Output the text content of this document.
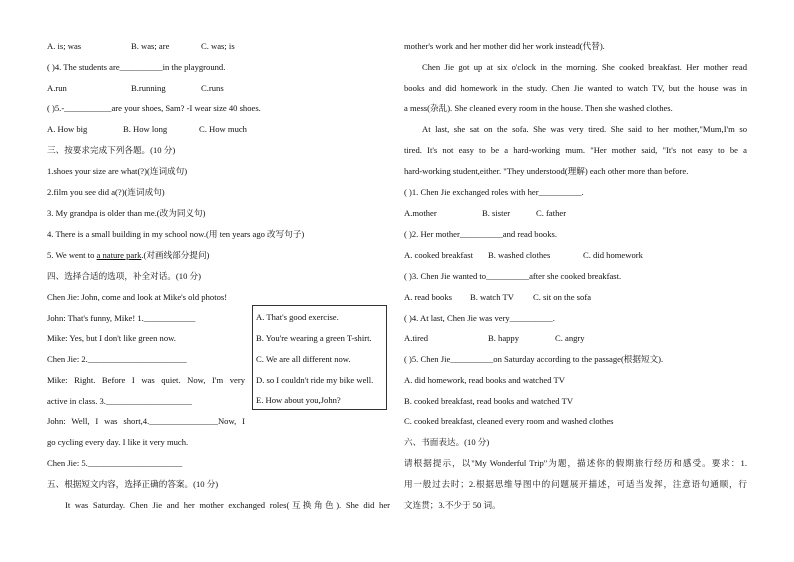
A. is; was	B. was; are	C. was; is
( )4. The students are__________in the playground.
A.run	B.running	C.runs
( )5.-___________are your shoes, Sam? -I wear size 40 shoes.
A. How big	B. How long	C. How much
三、按要求完成下列各题。(10 分)
1.shoes your size are what(?)(连词成句)
2.film you see did a(?)(连词成句)
3. My grandpa is older than me.(改为同义句)
4. There is a small building in my school now.(用 ten years ago 改写句子)
5. We went to a nature park.(对画线部分提问)
四、选择合适的选项，补全对话。(10 分)
Chen Jie: John, come and look at Mike's old photos!
John: That's funny, Mike! 1.____________
Mike: Yes, but I don't like green now.
Chen Jie: 2._______________________
Mike: Right. Before I was quiet. Now, I'm very
active in class. 3.____________________
John: Well, I was short,4.________________Now, I
go cycling every day. I like it very much.
Chen Jie: 5.______________________
A. That's good exercise.
B. You're wearing a green T-shirt.
C. We are all different now.
D. so I couldn't ride my bike well.
E. How about you,John?
五、根据短文内容，选择正确的答案。(10 分)
It was Saturday. Chen Jie and her mother exchanged roles(互换角色). She did her
mother's work and her mother did her work instead(代替).
Chen Jie got up at six o'clock in the morning. She cooked breakfast. Her mother read
books and did homework in the study. Chen Jie wanted to watch TV, but the house was in
a mess(杂乱). She cleaned every room in the house. Then she washed clothes.
At last, she sat on the sofa. She was very tired. She said to her mother,"Mum,I'm so
tired. It's not easy to be a hard-working mum. "Her mother said, "It's not easy to be a
hard-working student,either. "They understood(理解) each other more than before.
( )1. Chen Jie exchanged roles with her__________.
A.mother	B. sister	C. father
( )2. Her mother__________and read books.
A. cooked breakfast B. washed clothes	C. did homework
( )3. Chen Jie wanted to__________after she cooked breakfast.
A. read books B. watch TV C. sit on the sofa
( )4. At last, Chen Jie was very__________.
A.tired	B. happy	C. angry
( )5. Chen Jie__________on Saturday according to the passage(根据短文).
A. did homework, read books and watched TV
B. cooked breakfast, read books and watched TV
C. cooked breakfast, cleaned every room and washed clothes
六、书面表达。(10 分)
请根据提示，以"My Wonderful Trip"为题，描述你的假期旅行经历和感受。要求：1.
用一般过去时；2.根据思维导图中的问题展开描述，可适当发挥，注意语句通顺，行
文连贯；3.不少于 50 词。
